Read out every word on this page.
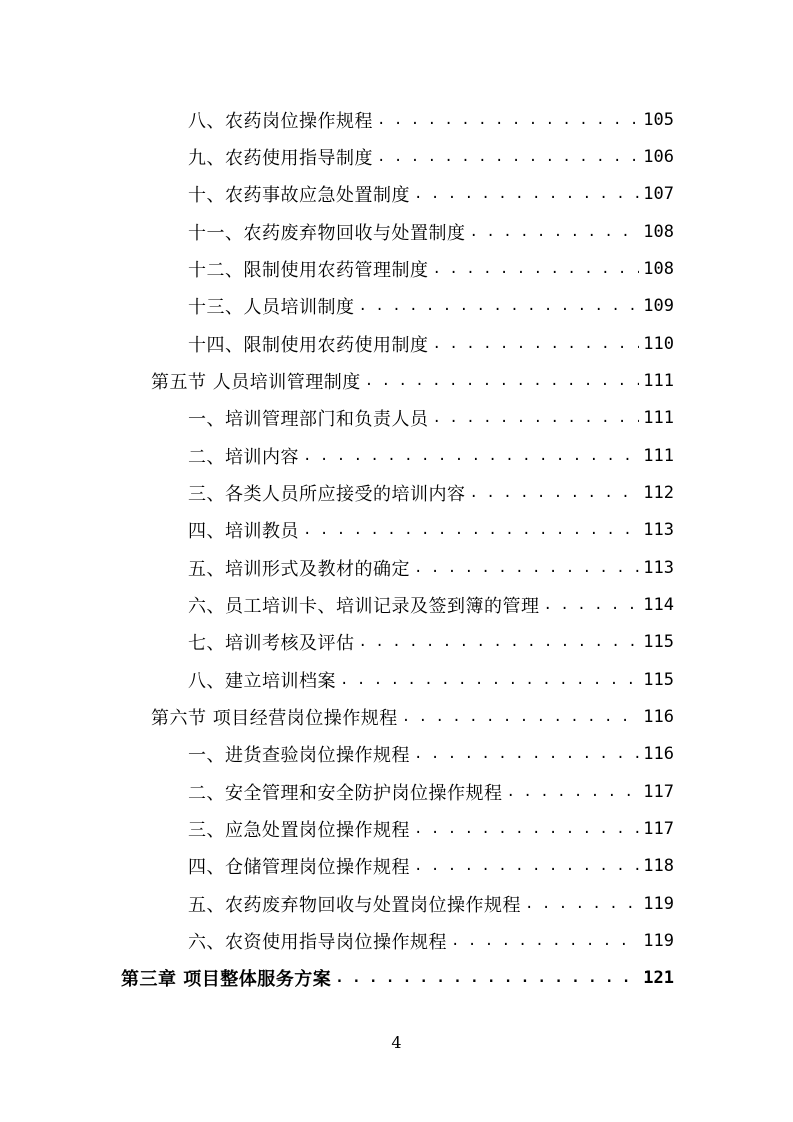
八、农药岗位操作规程 . . .	105
九、农药使用指导制度 . . .	106
十、农药事故应急处置制度 . . .	107
十一、农药废弃物回收与处置制度 . . .	108
十二、限制使用农药管理制度 . . .	108
十三、人员培训制度 . . .	109
十四、限制使用农药使用制度 . . .	110
第五节 人员培训管理制度 . . .	111
一、培训管理部门和负责人员 . . .	111
二、培训内容 . . .	111
三、各类人员所应接受的培训内容 . . .	112
四、培训教员 . . .	113
五、培训形式及教材的确定 . . .	113
六、员工培训卡、培训记录及签到簿的管理 . . .	114
七、培训考核及评估 . . .	115
八、建立培训档案 . . .	115
第六节 项目经营岗位操作规程 . . .	116
一、进货查验岗位操作规程 . . .	116
二、安全管理和安全防护岗位操作规程 . . .	117
三、应急处置岗位操作规程 . . .	117
四、仓储管理岗位操作规程 . . .	118
五、农药废弃物回收与处置岗位操作规程 . . .	119
六、农资使用指导岗位操作规程 . . .	119
第三章 项目整体服务方案 . . .	121
4
